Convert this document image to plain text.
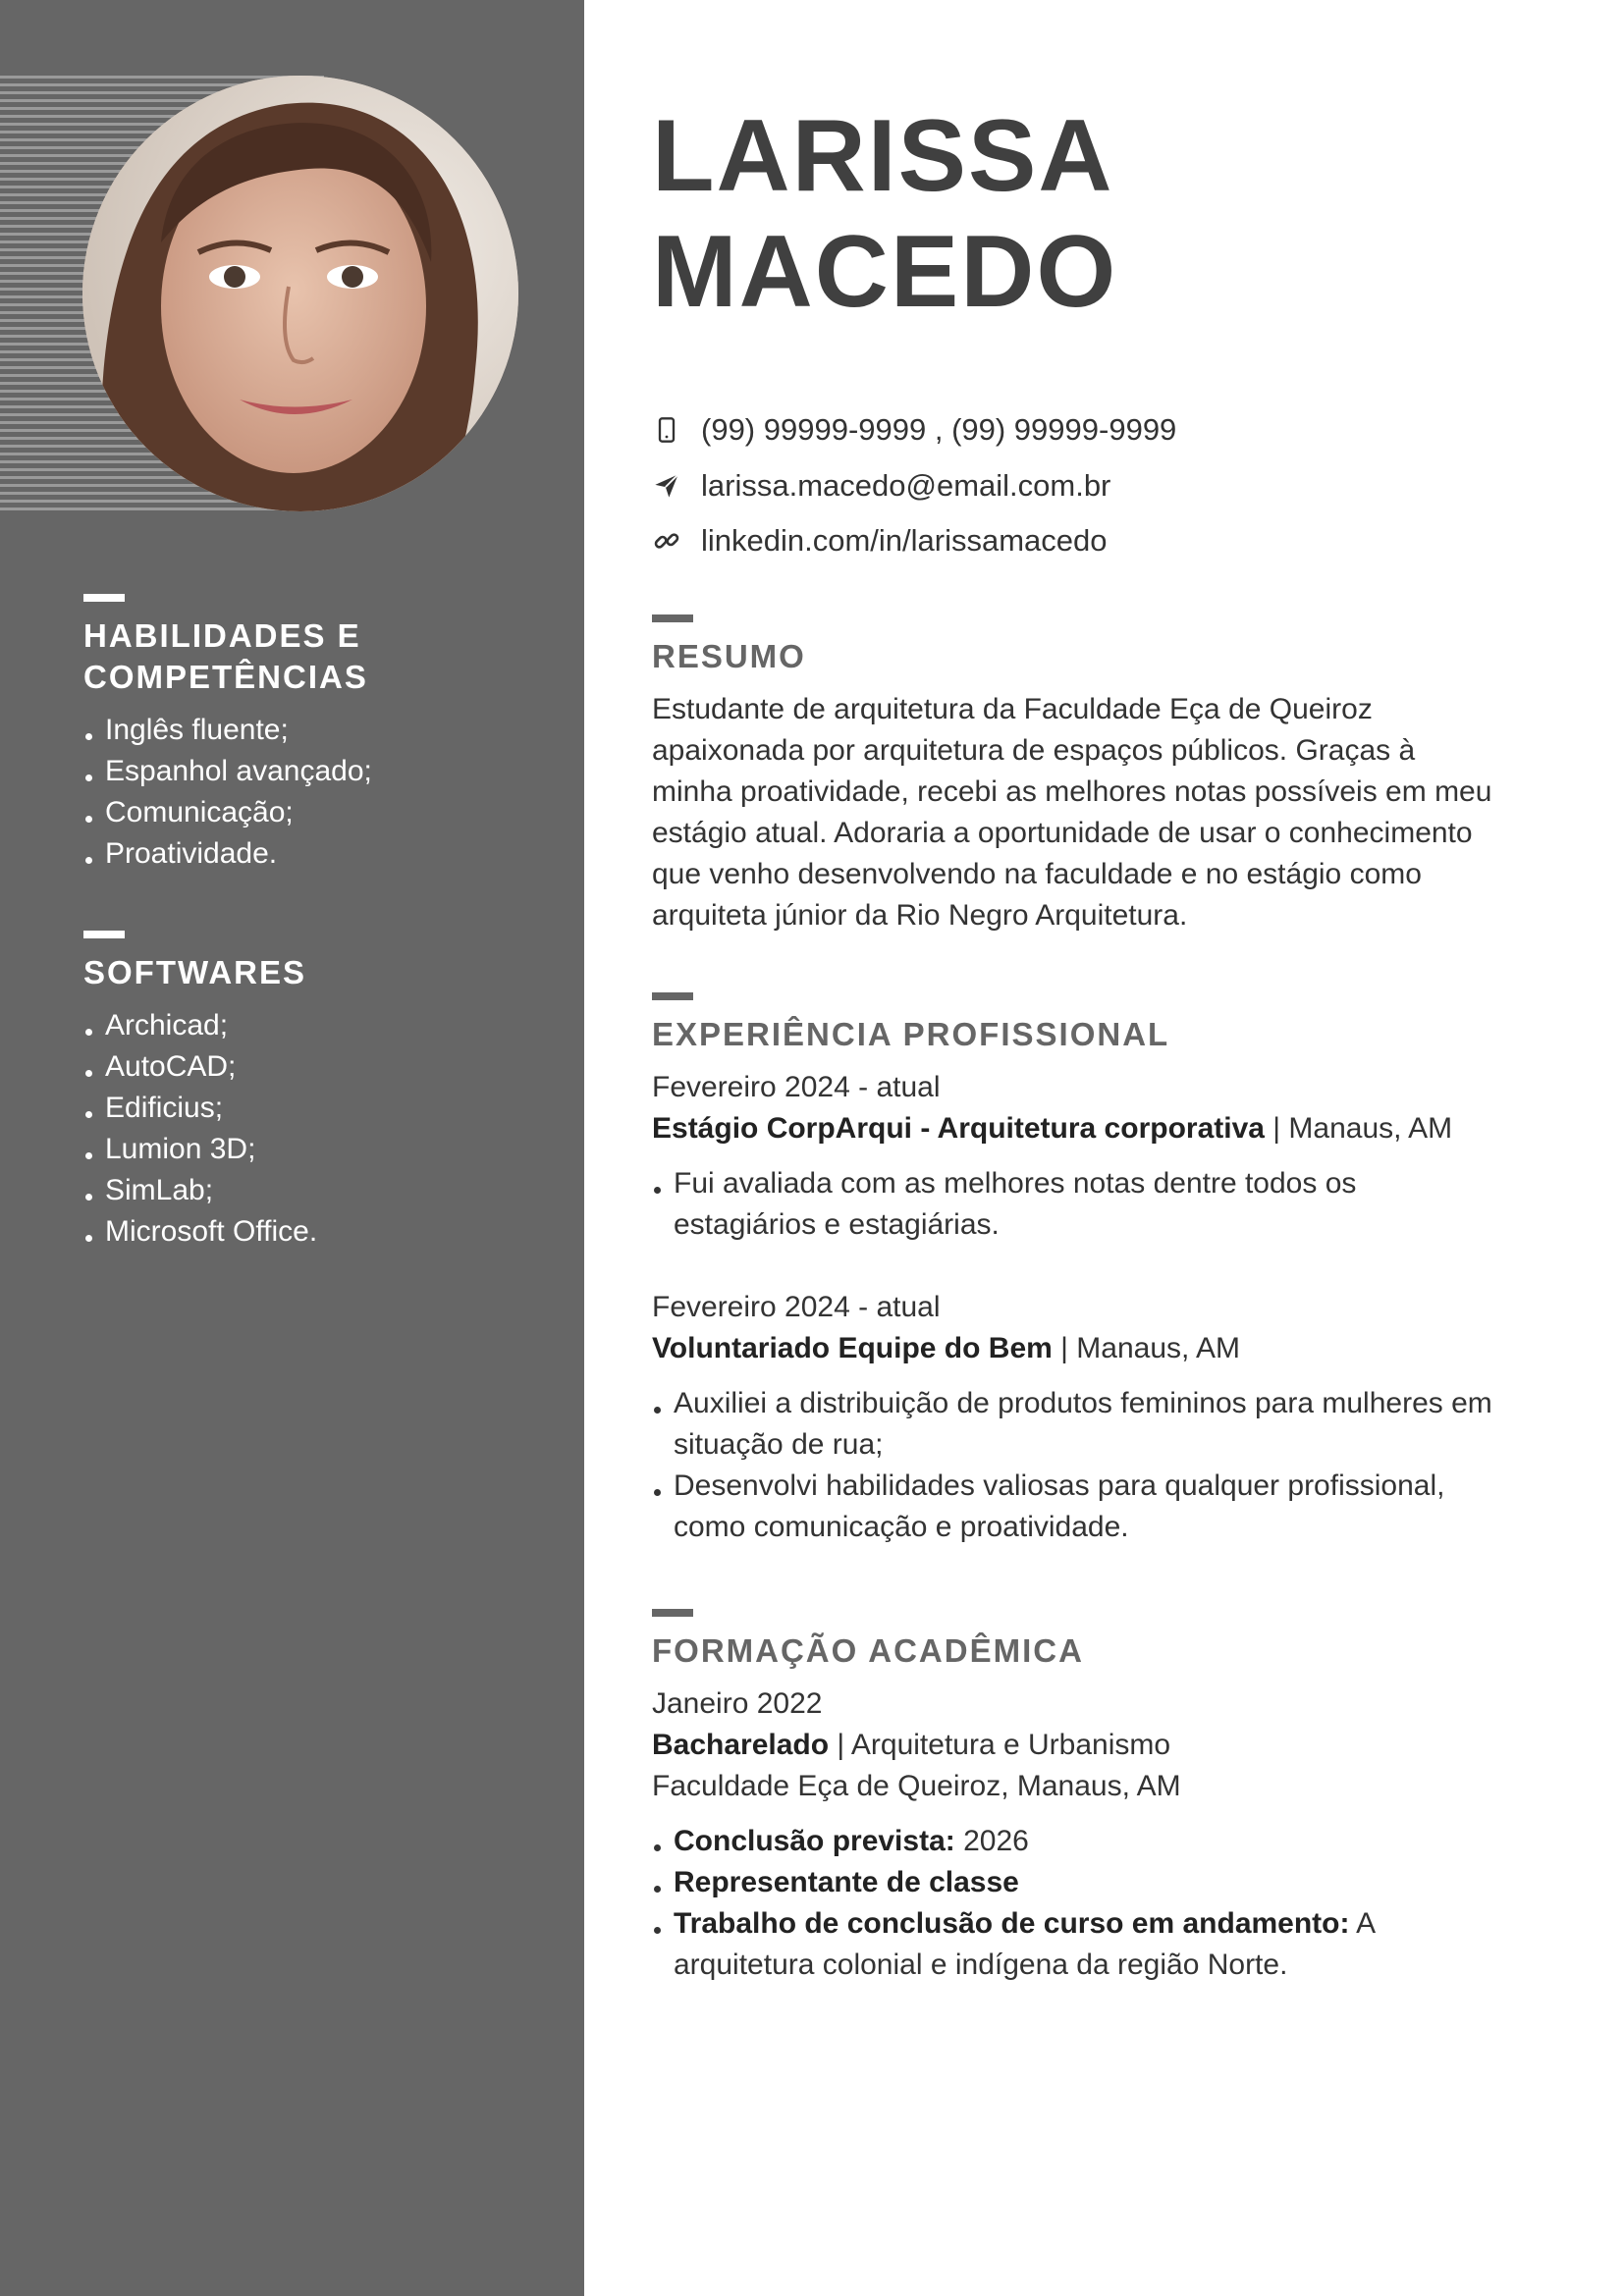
HABILIDADES E
COMPETÊNCIAS
Inglês fluente;
Espanhol avançado;
Comunicação;
Proatividade.
SOFTWARES
Archicad;
AutoCAD;
Edificius;
Lumion 3D;
SimLab;
Microsoft Office.
LARISSA
MACEDO
(99) 99999-9999 , (99) 99999-9999
larissa.macedo@email.com.br
linkedin.com/in/larissamacedo
RESUMO
Estudante de arquitetura da Faculdade Eça de Queiroz
apaixonada por arquitetura de espaços públicos. Graças à
minha proatividade, recebi as melhores notas possíveis em meu
estágio atual. Adoraria a oportunidade de usar o conhecimento
que venho desenvolvendo na faculdade e no estágio como
arquiteta júnior da Rio Negro Arquitetura.
EXPERIÊNCIA PROFISSIONAL
Fevereiro 2024 - atual
Estágio CorpArqui - Arquitetura corporativa | Manaus, AM
Fui avaliada com as melhores notas dentre todos os
estagiários e estagiárias.
Fevereiro 2024 - atual
Voluntariado Equipe do Bem | Manaus, AM
Auxiliei a distribuição de produtos femininos para mulheres em
situação de rua;
Desenvolvi habilidades valiosas para qualquer profissional,
como comunicação e proatividade.
FORMAÇÃO ACADÊMICA
Janeiro 2022
Bacharelado | Arquitetura e Urbanismo
Faculdade Eça de Queiroz, Manaus, AM
Conclusão prevista: 2026
Representante de classe
Trabalho de conclusão de curso em andamento: A
arquitetura colonial e indígena da região Norte.
